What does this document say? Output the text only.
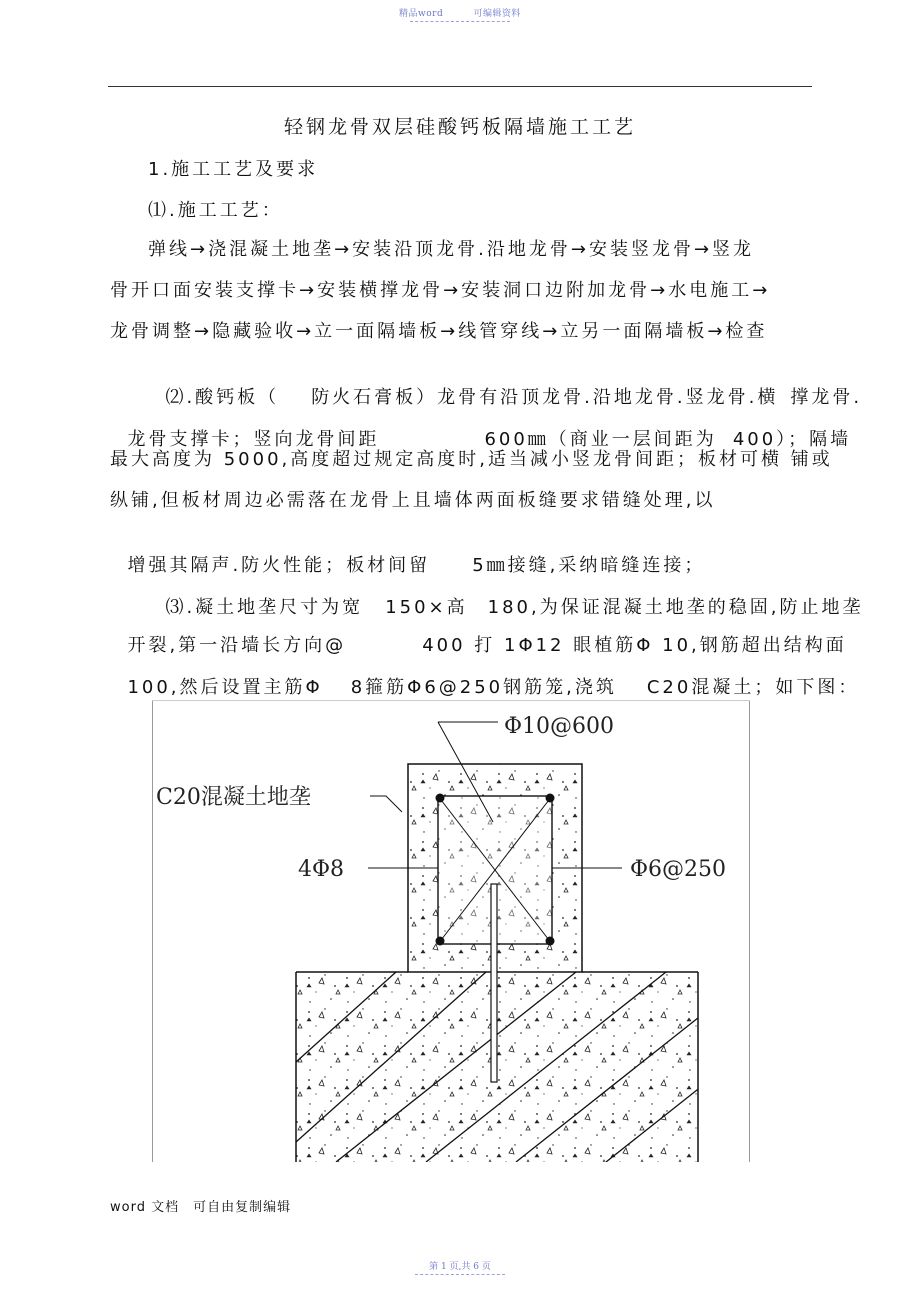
精品word	可编辑资料
轻钢龙骨双层硅酸钙板隔墙施工工艺
1.施工工艺及要求
⑴.施工工艺：
弹线→浇混凝土地垄→安装沿顶龙骨.沿地龙骨→安装竖龙骨→竖龙
骨开口面安装支撑卡→安装横撑龙骨→安装洞口边附加龙骨→水电施工→
龙骨调整→隐藏验收→立一面隔墙板→线管穿线→立另一面隔墙板→检查

⑵.酸钙板（ 防火石膏板）龙骨有沿顶龙骨.沿地龙骨.竖龙骨.横 撑龙骨.

龙骨支撑卡；竖向龙骨间距	600㎜（商业一层间距为 400）；隔墙

最大高度为 5000,高度超过规定高度时,适当减小竖龙骨间距；板材可横 铺或
纵铺,但板材周边必需落在龙骨上且墙体两面板缝要求错缝处理,以

增强其隔声.防火性能；板材间留 5㎜接缝,采纳暗缝连接；

⑶.凝土地垄尺寸为宽 150×高 180,为保证混凝土地垄的稳固,防止地垄

开裂,第一沿墙长方向@	400 打 1Φ12 眼植筋Φ 10,钢筋超出结构面

100,然后设置主筋Φ 8箍筋Φ6@250钢筋笼,浇筑 C20混凝土；如下图：

Φ10@600
C20混凝土地垄
4Φ8	Φ6@250
word 文档　可自由复制编辑
第 1 页,共 6 页
